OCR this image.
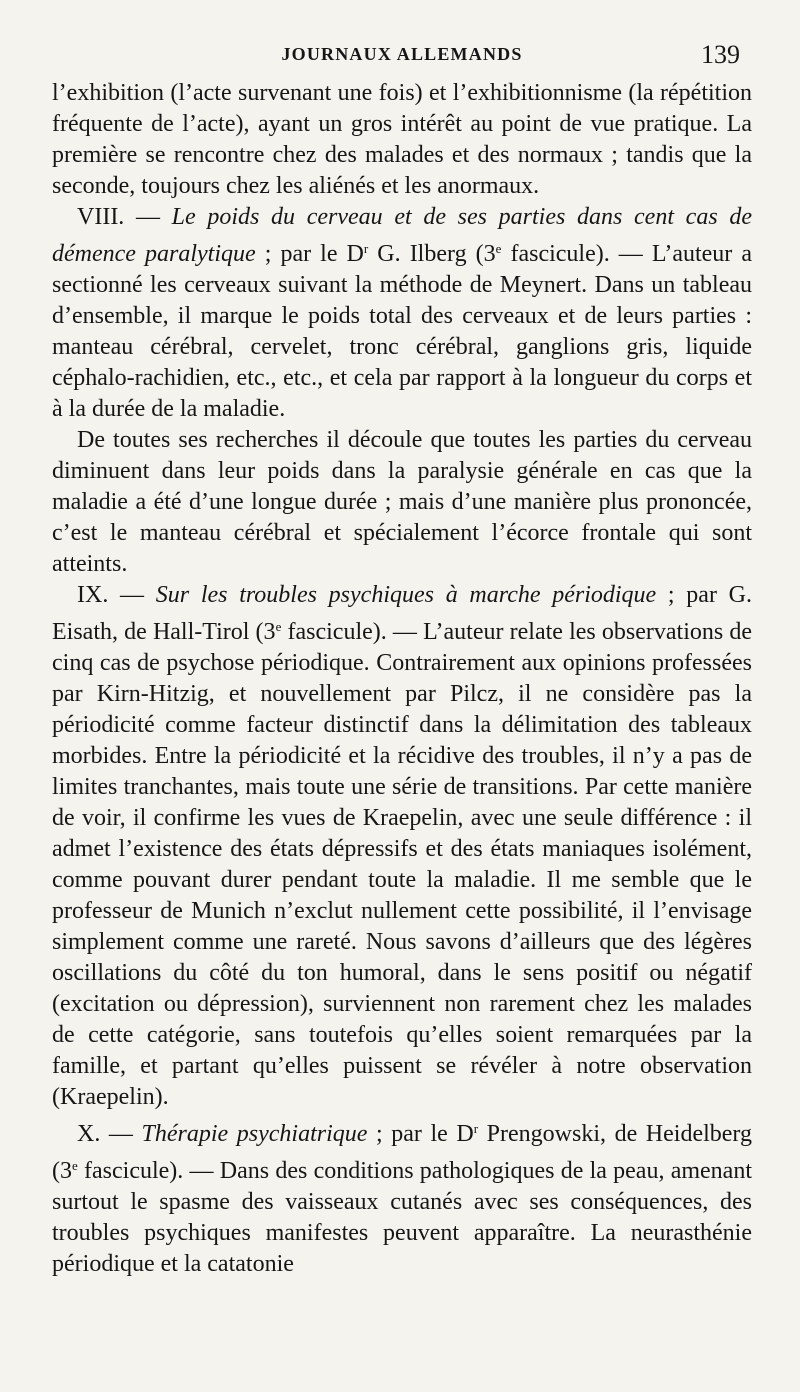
JOURNAUX ALLEMANDS	139

l’exhibition (l’acte survenant une fois) et l’exhibitionnisme (la répétition fréquente de l’acte), ayant un gros intérêt au point de vue pratique. La première se rencontre chez des malades et des normaux ; tandis que la seconde, toujours chez les aliénés et les anormaux.

VIII. — Le poids du cerveau et de ses parties dans cent cas de démence paralytique ; par le $D^r$ G. Ilberg (3e fascicule). — L’auteur a sectionné les cerveaux suivant la méthode de Meynert. Dans un tableau d’ensemble, il marque le poids total des cerveaux et de leurs parties : manteau cérébral, cervelet, tronc cérébral, ganglions gris, liquide céphalo-rachidien, etc., etc., et cela par rapport à la longueur du corps et à la durée de la maladie.

De toutes ses recherches il découle que toutes les parties du cerveau diminuent dans leur poids dans la paralysie générale en cas que la maladie a été d’une longue durée ; mais d’une manière plus prononcée, c’est le manteau cérébral et spécialement l’écorce frontale qui sont atteints.

IX. — Sur les troubles psychiques à marche périodique ; par G. Eisath, de Hall-Tirol (3e fascicule). — L’auteur relate les observations de cinq cas de psychose périodique. Contrairement aux opinions professées par Kirn-Hitzig, et nouvellement par Pilcz, il ne considère pas la périodicité comme facteur distinctif dans la délimitation des tableaux morbides. Entre la périodicité et la récidive des troubles, il n’y a pas de limites tranchantes, mais toute une série de transitions. Par cette manière de voir, il confirme les vues de Kraepelin, avec une seule différence : il admet l’existence des états dépressifs et des états maniaques isolément, comme pouvant durer pendant toute la maladie. Il me semble que le professeur de Munich n’exclut nullement cette possibilité, il l’envisage simplement comme une rareté. Nous savons d’ailleurs que des légères oscillations du côté du ton humoral, dans le sens positif ou négatif (excitation ou dépression), surviennent non rarement chez les malades de cette catégorie, sans toutefois qu’elles soient remarquées par la famille, et partant qu’elles puissent se révéler à notre observation (Kraepelin).

X. — Thérapie psychiatrique ; par le $D^r$ Prengowski, de Heidelberg (3e fascicule). — Dans des conditions pathologiques de la peau, amenant surtout le spasme des vaisseaux cutanés avec ses conséquences, des troubles psychiques manifestes peuvent apparaître. La neurasthénie périodique et la catatonie
